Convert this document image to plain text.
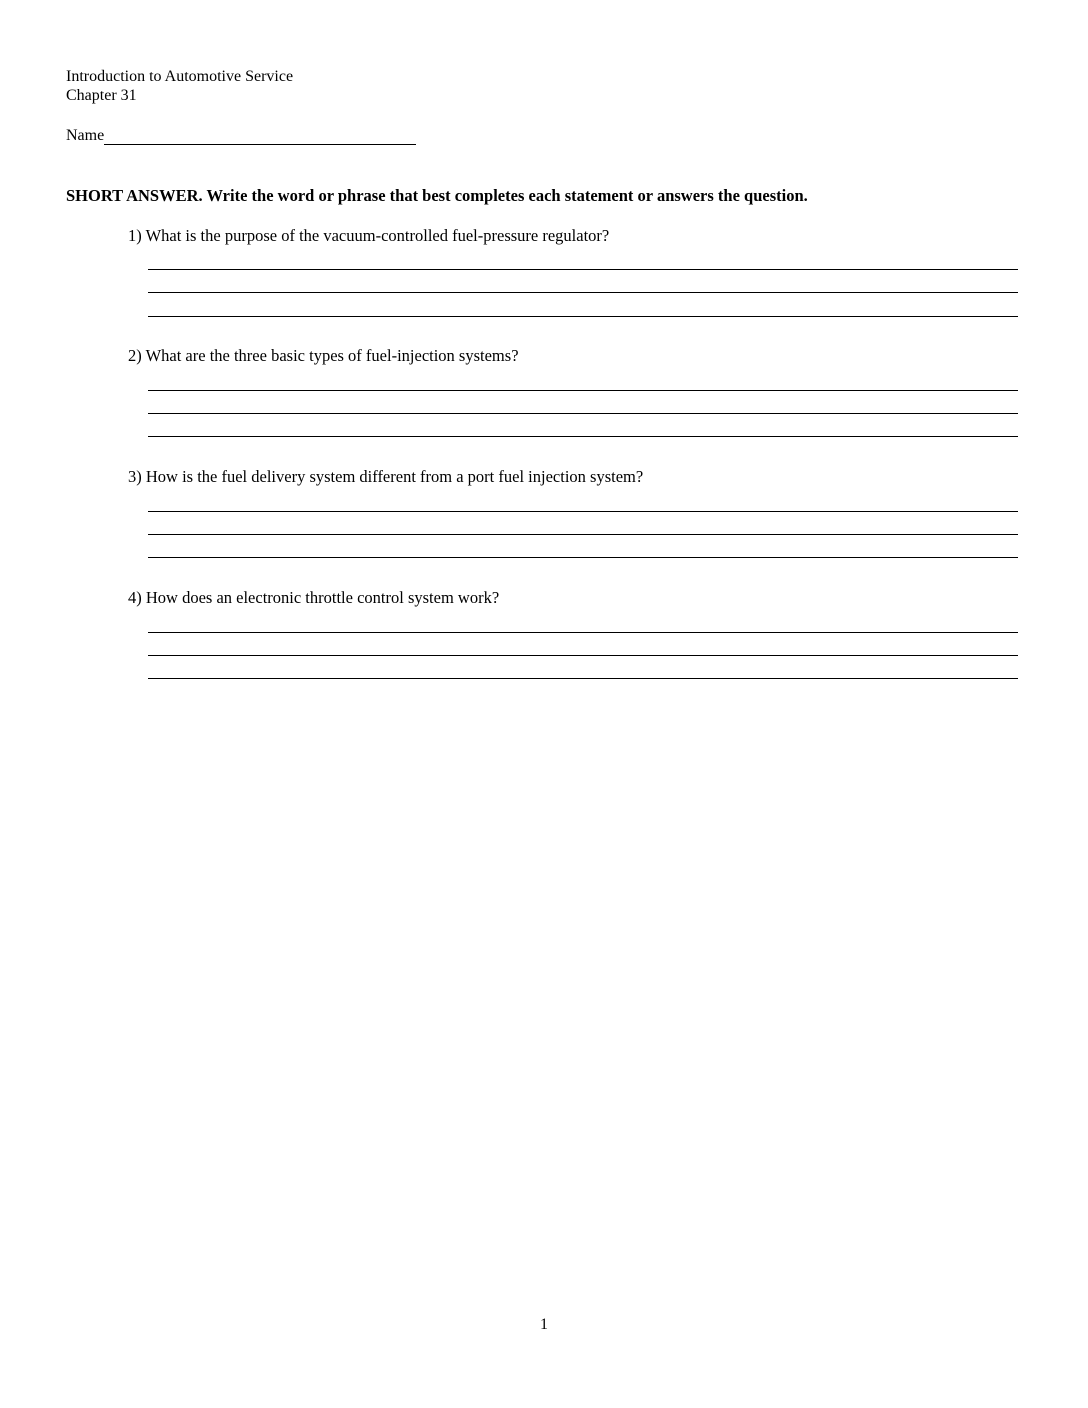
Introduction to Automotive Service
Chapter 31
Name
SHORT ANSWER. Write the word or phrase that best completes each statement or answers the question.
1) What is the purpose of the vacuum-controlled fuel-pressure regulator?
2) What are the three basic types of fuel-injection systems?
3) How is the fuel delivery system different from a port fuel injection system?
4) How does an electronic throttle control system work?
1
